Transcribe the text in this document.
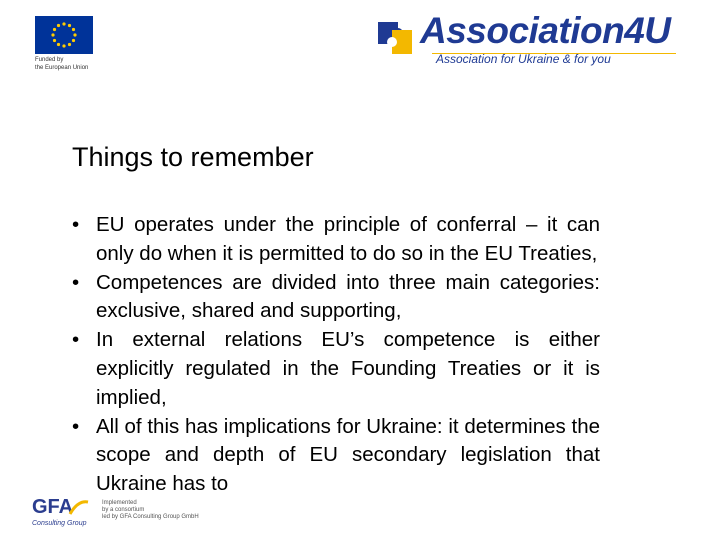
Funded by
the European Union
Association4U
Association for Ukraine & for you
Things to remember
• EU operates under the principle of conferral – it can only do when it is permitted to do so in the EU Treaties,
• Competences are divided into three main categories: exclusive, shared and supporting,
• In external relations EU’s competence is either explicitly regulated in the Founding Treaties or it is implied,
• All of this has implications for Ukraine: it determines the scope and depth of EU secondary legislation that Ukraine has to
GFA
Consulting Group
Implemented
by a consortium
led by GFA Consulting Group GmbH
